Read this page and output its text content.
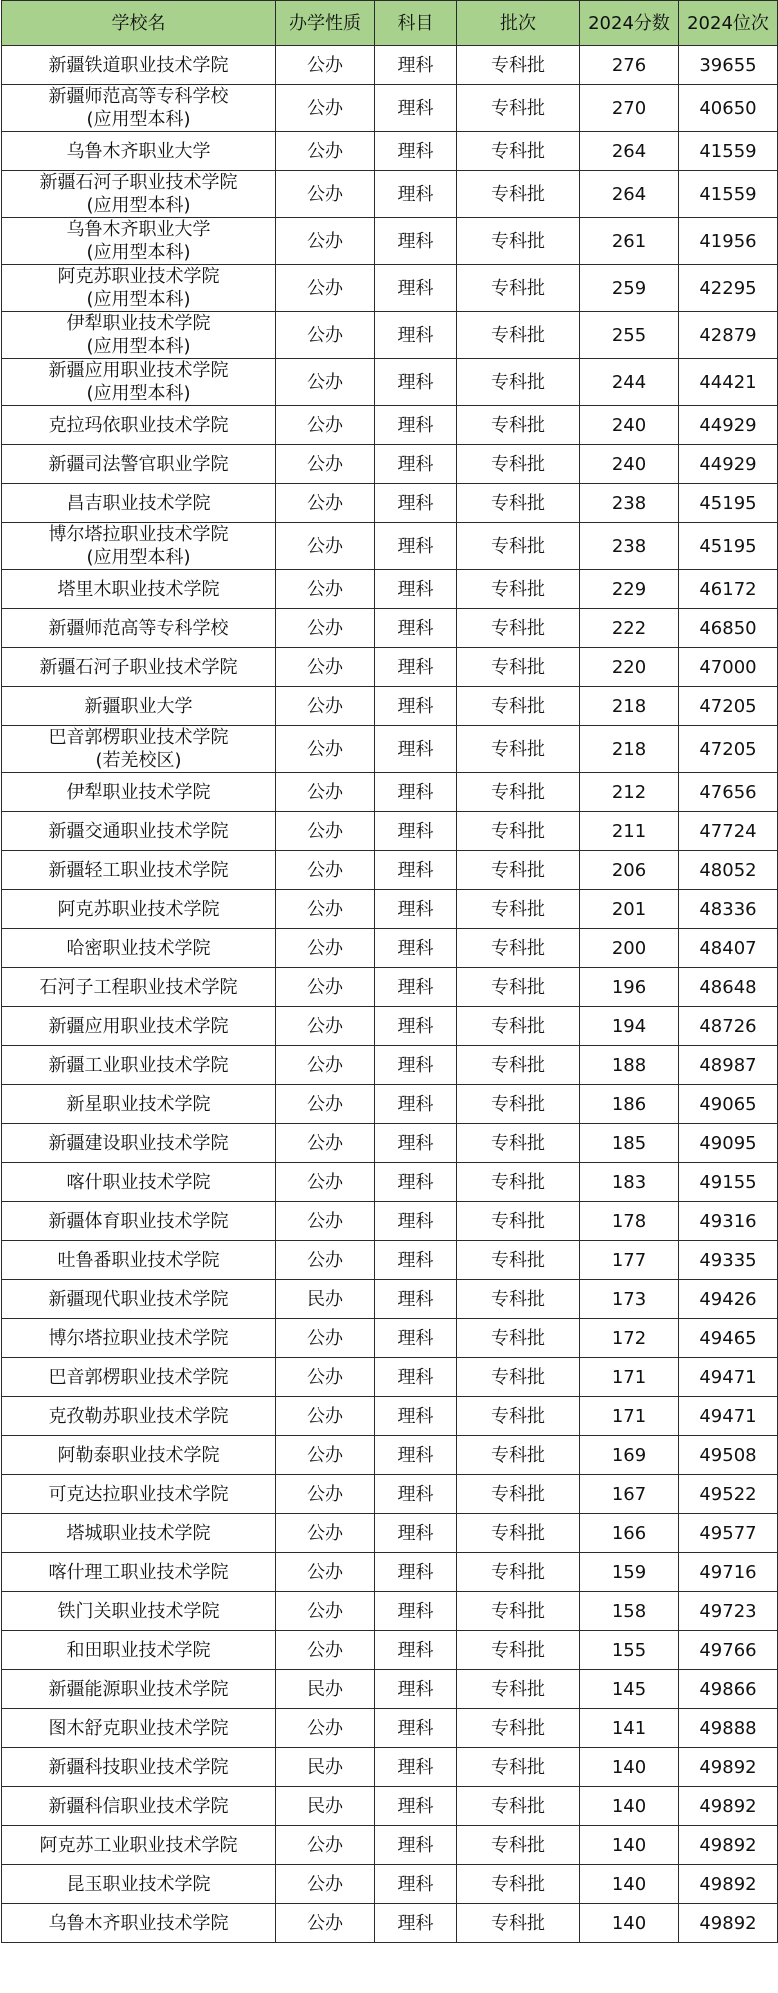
学校名	办学性质	科目	批次	2024分数	2024位次

新疆铁道职业技术学院	公办	理科	专科批	276	39655

新疆师范高等专科学校
(应用型本科)	公办	理科	专科批	270	40650

乌鲁木齐职业大学	公办	理科	专科批	264	41559

新疆石河子职业技术学院
(应用型本科)	公办	理科	专科批	264	41559

乌鲁木齐职业大学
(应用型本科)	公办	理科	专科批	261	41956

阿克苏职业技术学院
(应用型本科)	公办	理科	专科批	259	42295

伊犁职业技术学院
(应用型本科)	公办	理科	专科批	255	42879

新疆应用职业技术学院
(应用型本科)	公办	理科	专科批	244	44421

克拉玛依职业技术学院	公办	理科	专科批	240	44929

新疆司法警官职业学院	公办	理科	专科批	240	44929

昌吉职业技术学院	公办	理科	专科批	238	45195

博尔塔拉职业技术学院
(应用型本科)	公办	理科	专科批	238	45195

塔里木职业技术学院	公办	理科	专科批	229	46172

新疆师范高等专科学校	公办	理科	专科批	222	46850

新疆石河子职业技术学院	公办	理科	专科批	220	47000

新疆职业大学	公办	理科	专科批	218	47205

巴音郭楞职业技术学院
(若羌校区)	公办	理科	专科批	218	47205

伊犁职业技术学院	公办	理科	专科批	212	47656

新疆交通职业技术学院	公办	理科	专科批	211	47724

新疆轻工职业技术学院	公办	理科	专科批	206	48052

阿克苏职业技术学院	公办	理科	专科批	201	48336

哈密职业技术学院	公办	理科	专科批	200	48407

石河子工程职业技术学院	公办	理科	专科批	196	48648

新疆应用职业技术学院	公办	理科	专科批	194	48726

新疆工业职业技术学院	公办	理科	专科批	188	48987

新星职业技术学院	公办	理科	专科批	186	49065

新疆建设职业技术学院	公办	理科	专科批	185	49095

喀什职业技术学院	公办	理科	专科批	183	49155

新疆体育职业技术学院	公办	理科	专科批	178	49316

吐鲁番职业技术学院	公办	理科	专科批	177	49335

新疆现代职业技术学院	民办	理科	专科批	173	49426

博尔塔拉职业技术学院	公办	理科	专科批	172	49465

巴音郭楞职业技术学院	公办	理科	专科批	171	49471

克孜勒苏职业技术学院	公办	理科	专科批	171	49471

阿勒泰职业技术学院	公办	理科	专科批	169	49508

可克达拉职业技术学院	公办	理科	专科批	167	49522

塔城职业技术学院	公办	理科	专科批	166	49577

喀什理工职业技术学院	公办	理科	专科批	159	49716

铁门关职业技术学院	公办	理科	专科批	158	49723

和田职业技术学院	公办	理科	专科批	155	49766

新疆能源职业技术学院	民办	理科	专科批	145	49866

图木舒克职业技术学院	公办	理科	专科批	141	49888

新疆科技职业技术学院	民办	理科	专科批	140	49892

新疆科信职业技术学院	民办	理科	专科批	140	49892

阿克苏工业职业技术学院	公办	理科	专科批	140	49892

昆玉职业技术学院	公办	理科	专科批	140	49892

乌鲁木齐职业技术学院	公办	理科	专科批	140	49892
